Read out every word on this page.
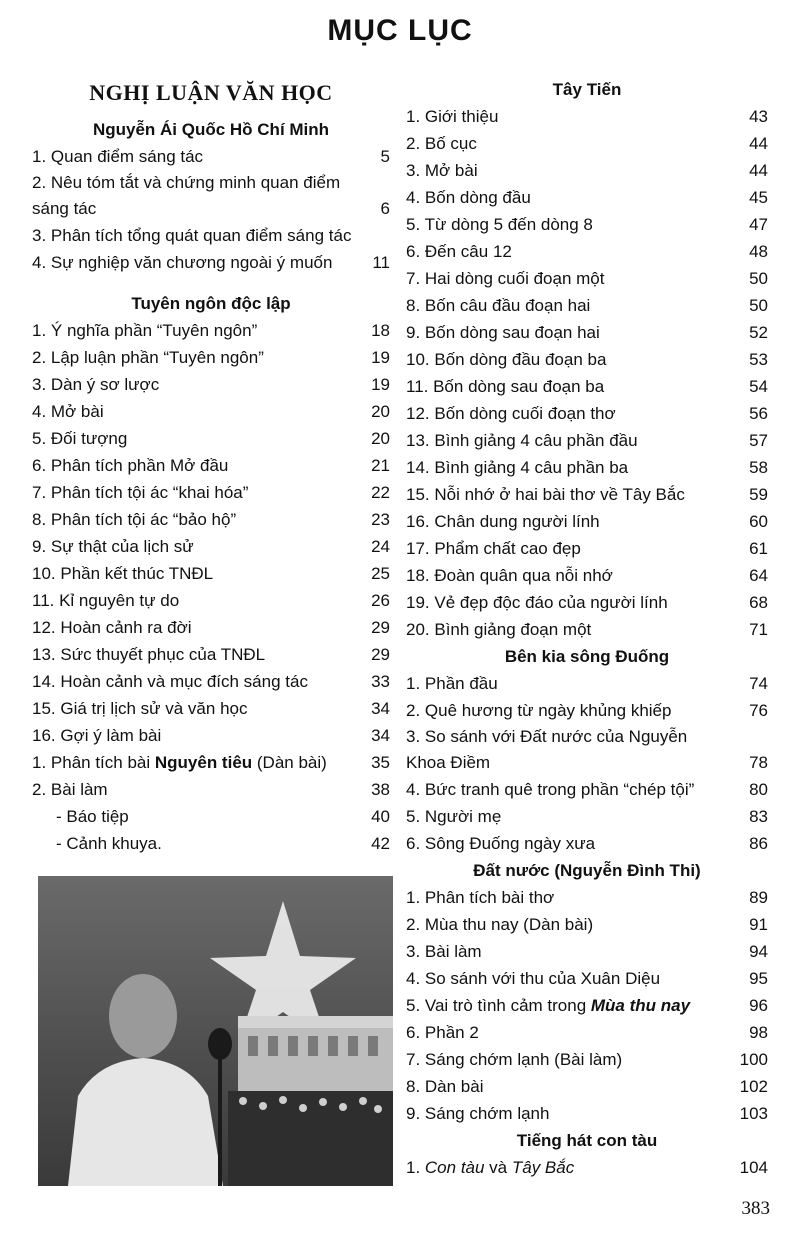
MỤC LỤC
NGHỊ LUẬN VĂN HỌC
Nguyễn Ái Quốc Hồ Chí Minh
1. Quan điểm sáng tác	5
2. Nêu tóm tắt và chứng minh quan điểm sáng tác	6
3. Phân tích tổng quát quan điểm sáng tác
4. Sự nghiệp văn chương ngoài ý muốn	11
Tuyên ngôn độc lập
1. Ý nghĩa phần “Tuyên ngôn”	18
2. Lập luận phần “Tuyên ngôn”	19
3. Dàn ý sơ lược	19
4. Mở bài	20
5. Đối tượng	20
6. Phân tích phần Mở đầu	21
7. Phân tích tội ác “khai hóa”	22
8. Phân tích tội ác “bảo hộ”	23
9. Sự thật của lịch sử	24
10. Phần kết thúc TNĐL	25
11. Kỉ nguyên tự do	26
12. Hoàn cảnh ra đời	29
13. Sức thuyết phục của TNĐL	29
14. Hoàn cảnh và mục đích sáng tác	33
15. Giá trị lịch sử và văn học	34
16. Gợi ý làm bài	34
1. Phân tích bài Nguyên tiêu (Dàn bài)	35
2. Bài làm	38
- Báo tiệp	40
- Cảnh khuya.	42
Tây Tiến
1. Giới thiệu	43
2. Bố cục	44
3. Mở bài	44
4. Bốn dòng đầu	45
5. Từ dòng 5 đến dòng 8	47
6. Đến câu 12	48
7. Hai dòng cuối đoạn một	50
8. Bốn câu đầu đoạn hai	50
9. Bốn dòng sau đoạn hai	52
10. Bốn dòng đầu đoạn ba	53
11. Bốn dòng sau đoạn ba	54
12. Bốn dòng cuối đoạn thơ	56
13. Bình giảng 4 câu phần đầu	57
14. Bình giảng 4 câu phần ba	58
15. Nỗi nhớ ở hai bài thơ về Tây Bắc	59
16. Chân dung người lính	60
17. Phẩm chất cao đẹp	61
18. Đoàn quân qua nỗi nhớ	64
19. Vẻ đẹp độc đáo của người lính	68
20. Bình giảng đoạn một	71
Bên kia sông Đuống
1. Phần đầu	74
2. Quê hương từ ngày khủng khiếp	76
3. So sánh với Đất nước của Nguyễn Khoa Điềm	78
4. Bức tranh quê trong phần “chép tội”	80
5. Người mẹ	83
6. Sông Đuống ngày xưa	86
Đất nước (Nguyễn Đình Thi)
1. Phân tích bài thơ	89
2. Mùa thu nay (Dàn bài)	91
3. Bài làm	94
4. So sánh với thu của Xuân Diệu	95
5. Vai trò tình cảm trong Mùa thu nay	96
6. Phần 2	98
7. Sáng chớm lạnh (Bài làm)	100
8. Dàn bài	102
9. Sáng chớm lạnh	103
Tiếng hát con tàu
1. Con tàu và Tây Bắc	104
383
